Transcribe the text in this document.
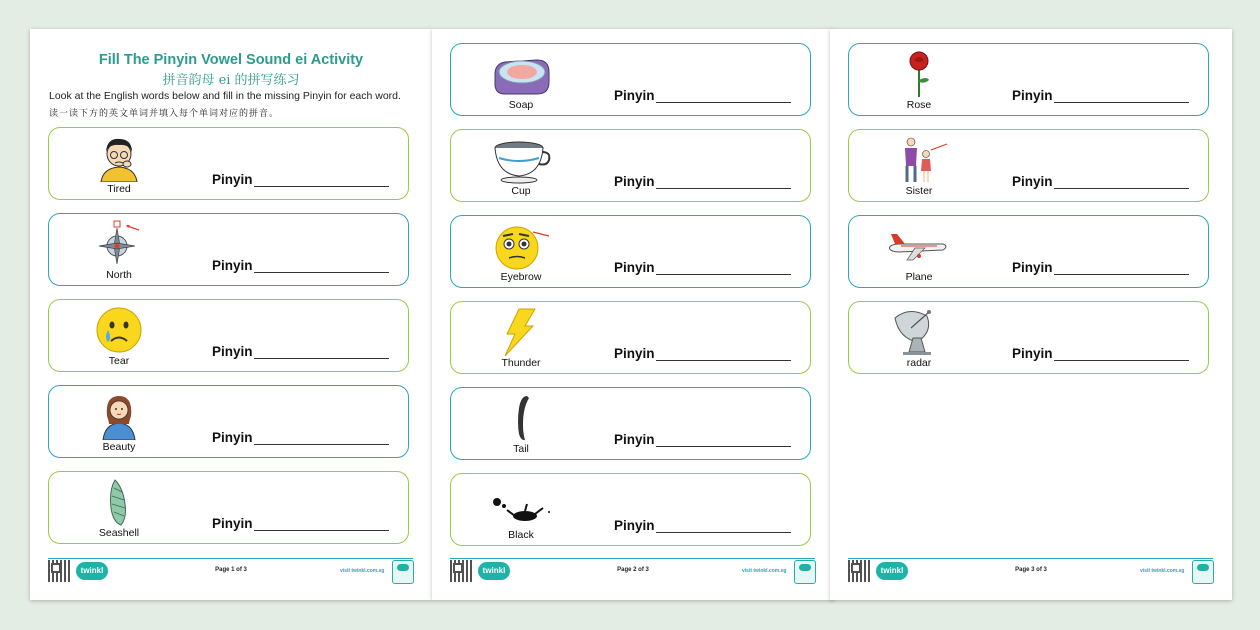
Fill The Pinyin Vowel Sound ei Activity
拼音韵母 ei 的拼写练习
Look at the English words below and fill in the missing Pinyin for each word.
读一读下方的英文单词并填入每个单词对应的拼音。
Tired
Pinyin
North
Pinyin
Tear
Pinyin
Beauty
Pinyin
Seashell
Pinyin
twinkl	Page 1 of 3	visit twinkl.com.sg
Soap
Pinyin
Cup
Pinyin
Eyebrow
Pinyin
Thunder
Pinyin
Tail
Pinyin
Black
Pinyin
twinkl	Page 2 of 3	visit twinkl.com.sg
Rose
Pinyin
Sister
Pinyin
Plane
Pinyin
radar
Pinyin
twinkl	Page 3 of 3	visit twinkl.com.sg
